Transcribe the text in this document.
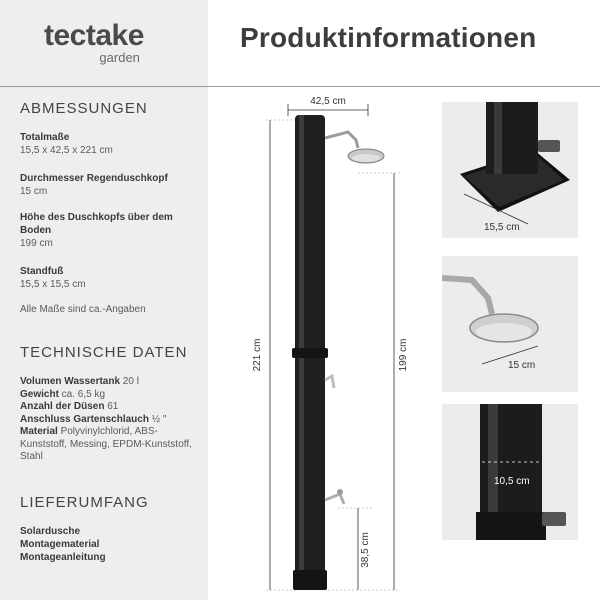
tectake
garden
Produktinformationen
ABMESSUNGEN
Totalmaße
15,5 x 42,5 x 221 cm
Durchmesser Regenduschkopf
15 cm
Höhe des Duschkopfs über dem Boden
199 cm
Standfuß
15,5 x 15,5 cm
Alle Maße sind ca.-Angaben
TECHNISCHE DATEN
Volumen Wassertank 20 l
Gewicht ca. 6,5 kg
Anzahl der Düsen 61
Anschluss Gartenschlauch ½ "
Material Polyvinylchlorid, ABS-Kunststoff, Messing, EPDM-Kunststoff, Stahl
LIEFERUMFANG
Solardusche
Montagematerial
Montageanleitung
42,5 cm
221 cm	199 cm
38,5 cm
15,5 cm
15 cm
10,5 cm
